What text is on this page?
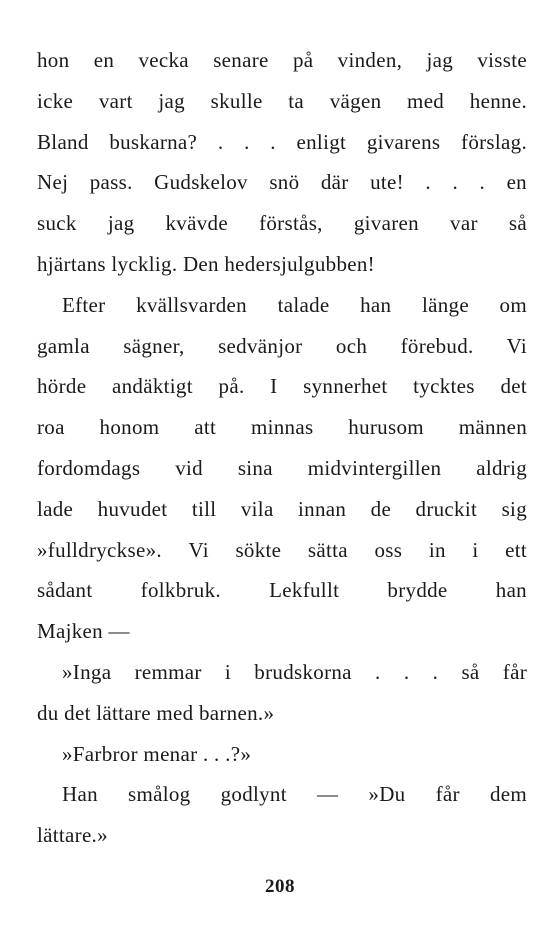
hon en vecka senare på vinden, jag visste
icke vart jag skulle ta vägen med henne.
Bland buskarna? . . . enligt givarens förslag.
Nej pass. Gudskelov snö där ute! . . . en
suck jag kvävde förstås, givaren var så
hjärtans lycklig. Den hedersjulgubben!
Efter kvällsvarden talade han länge om
gamla sägner, sedvänjor och förebud. Vi
hörde andäktigt på. I synnerhet tycktes det
roa honom att minnas hurusom männen
fordomdags vid sina midvintergillen aldrig
lade huvudet till vila innan de druckit sig
»fulldrycksе». Vi sökte sätta oss in i ett
sådant folkbruk. Lekfullt brydde han
Majken —
»Inga remmar i brudskorna . . . så får
du det lättare med barnen.»
»Farbror menar . . .?»
Han smålog godlynt — »Du får dem
lättare.»
208
